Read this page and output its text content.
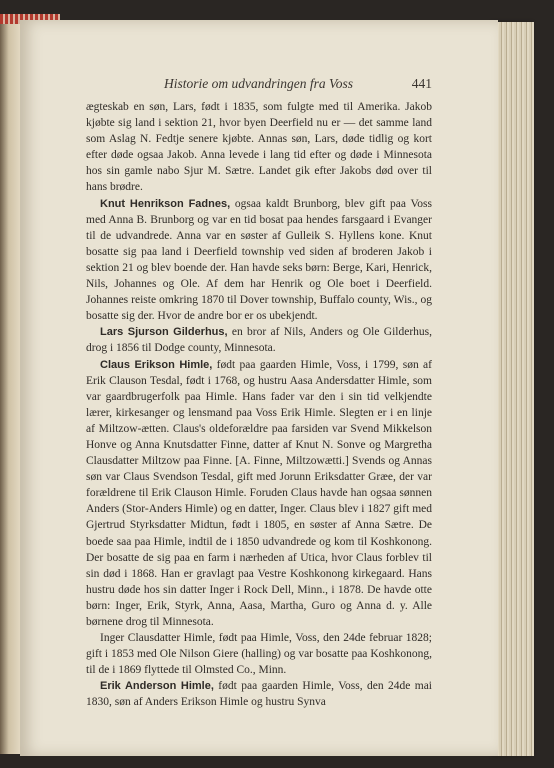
Historie om udvandringen fra Voss	441

ægteskab en søn, Lars, født i 1835, som fulgte med til Amerika. Jakob kjøbte sig land i sektion 21, hvor byen Deerfield nu er — det samme land som Aslag N. Fedtje senere kjøbte. Annas søn, Lars, døde tidlig og kort efter døde ogsaa Jakob. Anna levede i lang tid efter og døde i Minnesota hos sin gamle nabo Sjur M. Sætre. Landet gik efter Jakobs død over til hans brødre.

Knut Henrikson Fadnes, ogsaa kaldt Brunborg, blev gift paa Voss med Anna B. Brunborg og var en tid bosat paa hendes farsgaard i Evanger til de udvandrede. Anna var en søster af Gulleik S. Hyllens kone. Knut bosatte sig paa land i Deerfield township ved siden af broderen Jakob i sektion 21 og blev boende der. Han havde seks børn: Berge, Kari, Henrick, Nils, Johannes og Ole. Af dem har Henrik og Ole boet i Deerfield. Johannes reiste omkring 1870 til Dover township, Buffalo county, Wis., og bosatte sig der. Hvor de andre bor er os ubekjendt.

Lars Sjurson Gilderhus, en bror af Nils, Anders og Ole Gilderhus, drog i 1856 til Dodge county, Minnesota.

Claus Erikson Himle, født paa gaarden Himle, Voss, i 1799, søn af Erik Clauson Tesdal, født i 1768, og hustru Aasa Andersdatter Himle, som var gaardbrugerfolk paa Himle. Hans fader var den i sin tid velkjendte lærer, kirkesanger og lensmand paa Voss Erik Himle. Slegten er i en linje af Miltzow-ætten. Claus's oldeforældre paa farsiden var Svend Mikkelson Honve og Anna Knutsdatter Finne, datter af Knut N. Sonve og Margretha Clausdatter Miltzow paa Finne. [A. Finne, Miltzowætti.] Svends og Annas søn var Claus Svendson Tesdal, gift med Jorunn Eriksdatter Græe, der var forældrene til Erik Clauson Himle. Foruden Claus havde han ogsaa sønnen Anders (Stor-Anders Himle) og en datter, Inger. Claus blev i 1827 gift med Gjertrud Styrksdatter Midtun, født i 1805, en søster af Anna Sætre. De boede saa paa Himle, indtil de i 1850 udvandrede og kom til Koshkonong. Der bosatte de sig paa en farm i nærheden af Utica, hvor Claus forblev til sin død i 1868. Han er gravlagt paa Vestre Koshkonong kirkegaard. Hans hustru døde hos sin datter Inger i Rock Dell, Minn., i 1878. De havde otte børn: Inger, Erik, Styrk, Anna, Aasa, Martha, Guro og Anna d. y. Alle børnene drog til Minnesota.

Inger Clausdatter Himle, født paa Himle, Voss, den 24de februar 1828; gift i 1853 med Ole Nilson Giere (halling) og var bosatte paa Koshkonong, til de i 1869 flyttede til Olmsted Co., Minn.

Erik Anderson Himle, født paa gaarden Himle, Voss, den 24de mai 1830, søn af Anders Erikson Himle og hustru Synva
